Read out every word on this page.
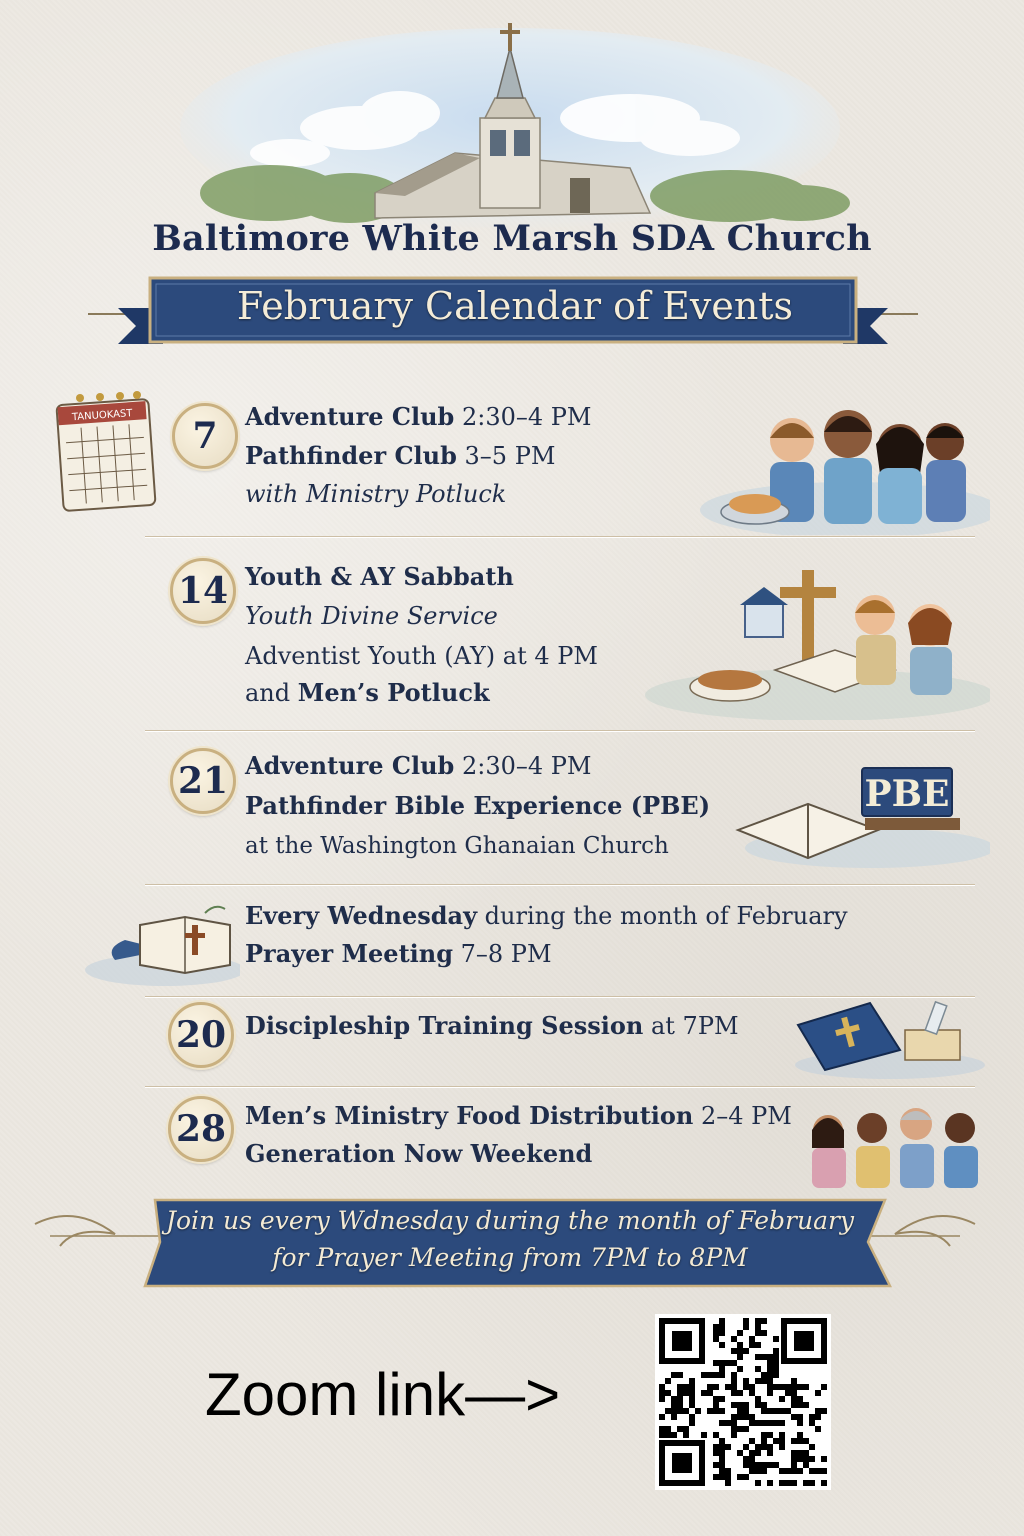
Baltimore White Marsh SDA Church
February Calendar of Events
TANUOKAST	7	Adventure Club 2:30–4 PM
Pathfinder Club 3–5 PM
with Ministry Potluck
14 Youth & AY Sabbath
Youth Divine Service
Adventist Youth (AY) at 4 PM
and Men’s Potluck
21 Adventure Club 2:30–4 PM
Pathfinder Bible Experience (PBE)
at the Washington Ghanaian Church
PBE
Every Wednesday during the month of February
Prayer Meeting 7–8 PM
20 Discipleship Training Session at 7PM
28 Men’s Ministry Food Distribution 2–4 PM
Generation Now Weekend
Join us every Wdnesday during the month of February
for Prayer Meeting from 7PM to 8PM
Zoom link—>
